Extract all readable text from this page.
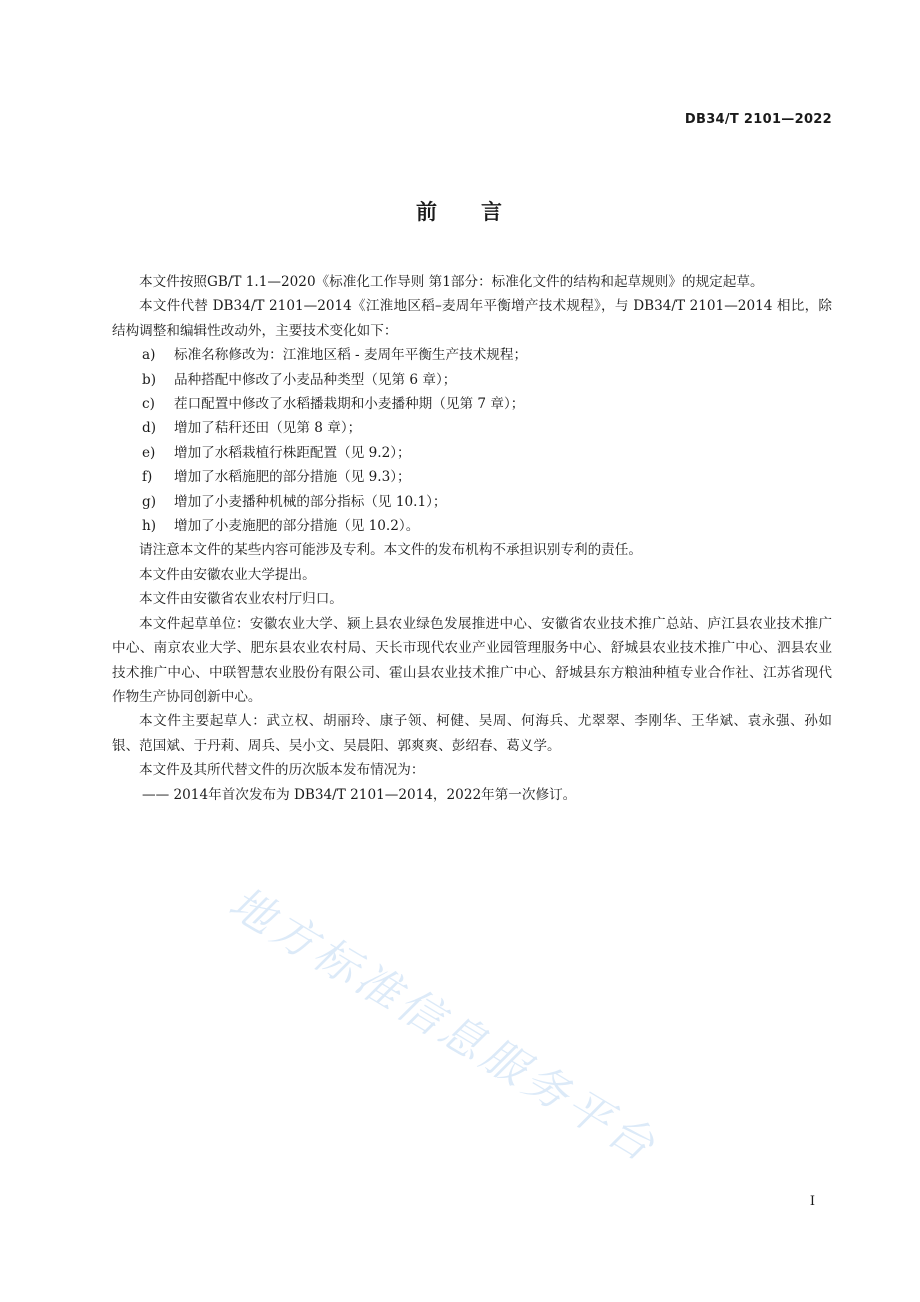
DB34/T 2101—2022
前 言

本文件按照GB/T 1.1—2020《标准化工作导则 第1部分：标准化文件的结构和起草规则》的规定起草。

本文件代替 DB34/T 2101—2014《江淮地区稻–麦周年平衡增产技术规程》，与 DB34/T 2101—2014 相比，除结构调整和编辑性改动外，主要技术变化如下：

a) 标准名称修改为：江淮地区稻 - 麦周年平衡生产技术规程；

b) 品种搭配中修改了小麦品种类型（见第 6 章）；

c) 茬口配置中修改了水稻播栽期和小麦播种期（见第 7 章）；

d) 增加了秸秆还田（见第 8 章）；

e) 增加了水稻栽植行株距配置（见 9.2）；

f) 增加了水稻施肥的部分措施（见 9.3）；

g) 增加了小麦播种机械的部分指标（见 10.1）；

h) 增加了小麦施肥的部分措施（见 10.2）。

请注意本文件的某些内容可能涉及专利。本文件的发布机构不承担识别专利的责任。

本文件由安徽农业大学提出。

本文件由安徽省农业农村厅归口。

本文件起草单位：安徽农业大学、颍上县农业绿色发展推进中心、安徽省农业技术推广总站、庐江县农业技术推广中心、南京农业大学、肥东县农业农村局、天长市现代农业产业园管理服务中心、舒城县农业技术推广中心、泗县农业技术推广中心、中联智慧农业股份有限公司、霍山县农业技术推广中心、舒城县东方粮油种植专业合作社、江苏省现代作物生产协同创新中心。

本文件主要起草人：武立权、胡丽玲、康子领、柯健、吴周、何海兵、尤翠翠、李刚华、王华斌、袁永强、孙如银、范国斌、于丹莉、周兵、吴小文、吴晨阳、郭爽爽、彭绍春、葛义学。

本文件及其所代替文件的历次版本发布情况为：

—— 2014年首次发布为 DB34/T 2101—2014，2022年第一次修订。

地方标准信息服务平台
I
